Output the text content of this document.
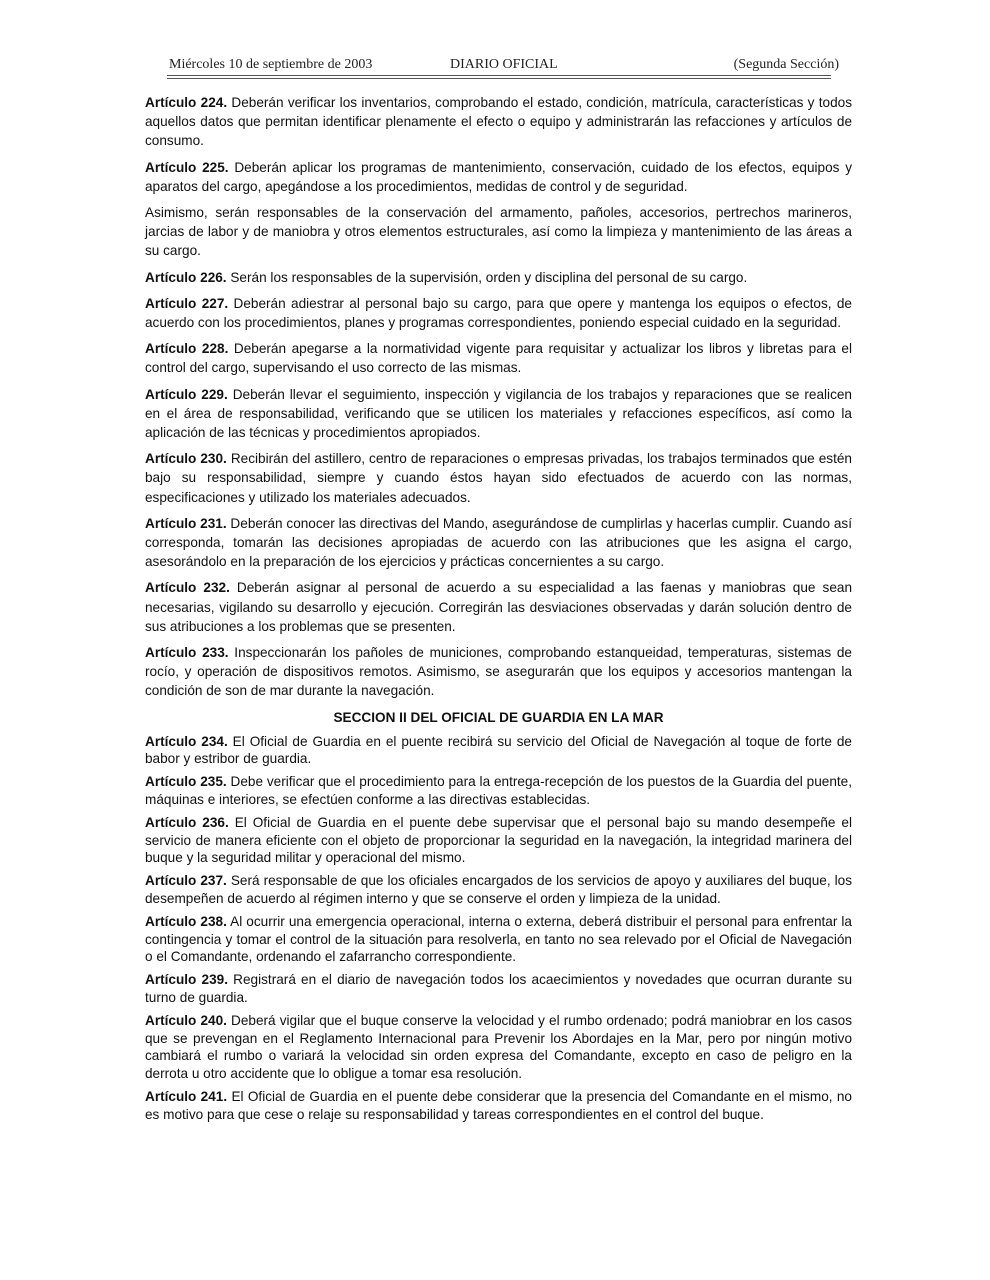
Miércoles 10 de septiembre de 2003	DIARIO OFICIAL	(Segunda Sección)

Artículo 224. Deberán verificar los inventarios, comprobando el estado, condición, matrícula, características y todos aquellos datos que permitan identificar plenamente el efecto o equipo y administrarán las refacciones y artículos de consumo.

Artículo 225. Deberán aplicar los programas de mantenimiento, conservación, cuidado de los efectos, equipos y aparatos del cargo, apegándose a los procedimientos, medidas de control y de seguridad.

Asimismo, serán responsables de la conservación del armamento, pañoles, accesorios, pertrechos marineros, jarcias de labor y de maniobra y otros elementos estructurales, así como la limpieza y mantenimiento de las áreas a su cargo.

Artículo 226. Serán los responsables de la supervisión, orden y disciplina del personal de su cargo.

Artículo 227. Deberán adiestrar al personal bajo su cargo, para que opere y mantenga los equipos o efectos, de acuerdo con los procedimientos, planes y programas correspondientes, poniendo especial cuidado en la seguridad.

Artículo 228. Deberán apegarse a la normatividad vigente para requisitar y actualizar los libros y libretas para el control del cargo, supervisando el uso correcto de las mismas.

Artículo 229. Deberán llevar el seguimiento, inspección y vigilancia de los trabajos y reparaciones que se realicen en el área de responsabilidad, verificando que se utilicen los materiales y refacciones específicos, así como la aplicación de las técnicas y procedimientos apropiados.

Artículo 230. Recibirán del astillero, centro de reparaciones o empresas privadas, los trabajos terminados que estén bajo su responsabilidad, siempre y cuando éstos hayan sido efectuados de acuerdo con las normas, especificaciones y utilizado los materiales adecuados.

Artículo 231. Deberán conocer las directivas del Mando, asegurándose de cumplirlas y hacerlas cumplir. Cuando así corresponda, tomarán las decisiones apropiadas de acuerdo con las atribuciones que les asigna el cargo, asesorándolo en la preparación de los ejercicios y prácticas concernientes a su cargo.

Artículo 232. Deberán asignar al personal de acuerdo a su especialidad a las faenas y maniobras que sean necesarias, vigilando su desarrollo y ejecución. Corregirán las desviaciones observadas y darán solución dentro de sus atribuciones a los problemas que se presenten.

Artículo 233. Inspeccionarán los pañoles de municiones, comprobando estanqueidad, temperaturas, sistemas de rocío, y operación de dispositivos remotos. Asimismo, se asegurarán que los equipos y accesorios mantengan la condición de son de mar durante la navegación.

SECCION II DEL OFICIAL DE GUARDIA EN LA MAR

Artículo 234. El Oficial de Guardia en el puente recibirá su servicio del Oficial de Navegación al toque de forte de babor y estribor de guardia.

Artículo 235. Debe verificar que el procedimiento para la entrega-recepción de los puestos de la Guardia del puente, máquinas e interiores, se efectúen conforme a las directivas establecidas.

Artículo 236. El Oficial de Guardia en el puente debe supervisar que el personal bajo su mando desempeñe el servicio de manera eficiente con el objeto de proporcionar la seguridad en la navegación, la integridad marinera del buque y la seguridad militar y operacional del mismo.

Artículo 237. Será responsable de que los oficiales encargados de los servicios de apoyo y auxiliares del buque, los desempeñen de acuerdo al régimen interno y que se conserve el orden y limpieza de la unidad.

Artículo 238. Al ocurrir una emergencia operacional, interna o externa, deberá distribuir el personal para enfrentar la contingencia y tomar el control de la situación para resolverla, en tanto no sea relevado por el Oficial de Navegación o el Comandante, ordenando el zafarrancho correspondiente.

Artículo 239. Registrará en el diario de navegación todos los acaecimientos y novedades que ocurran durante su turno de guardia.

Artículo 240. Deberá vigilar que el buque conserve la velocidad y el rumbo ordenado; podrá maniobrar en los casos que se prevengan en el Reglamento Internacional para Prevenir los Abordajes en la Mar, pero por ningún motivo cambiará el rumbo o variará la velocidad sin orden expresa del Comandante, excepto en caso de peligro en la derrota u otro accidente que lo obligue a tomar esa resolución.

Artículo 241. El Oficial de Guardia en el puente debe considerar que la presencia del Comandante en el mismo, no es motivo para que cese o relaje su responsabilidad y tareas correspondientes en el control del buque.
